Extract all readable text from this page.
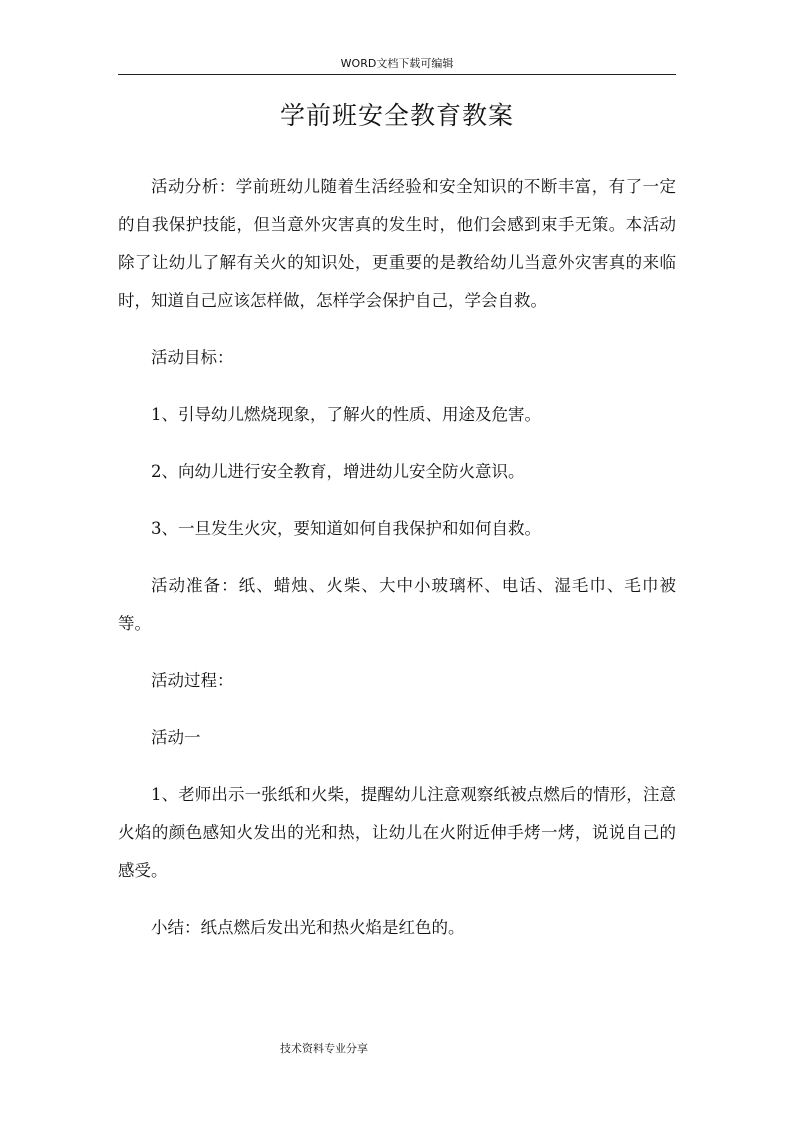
WORD文档下载可编辑
学前班安全教育教案

活动分析：学前班幼儿随着生活经验和安全知识的不断丰富，有了一定的自我保护技能，但当意外灾害真的发生时，他们会感到束手无策。本活动除了让幼儿了解有关火的知识处，更重要的是教给幼儿当意外灾害真的来临时，知道自己应该怎样做，怎样学会保护自己，学会自救。

活动目标：

1、引导幼儿燃烧现象，了解火的性质、用途及危害。

2、向幼儿进行安全教育，增进幼儿安全防火意识。

3、一旦发生火灾，要知道如何自我保护和如何自救。

活动准备：纸、蜡烛、火柴、大中小玻璃杯、电话、湿毛巾、毛巾被等。

活动过程：

活动一

1、老师出示一张纸和火柴，提醒幼儿注意观察纸被点燃后的情形，注意火焰的颜色感知火发出的光和热，让幼儿在火附近伸手烤一烤，说说自己的感受。

小结：纸点燃后发出光和热火焰是红色的。

技术资料专业分享
